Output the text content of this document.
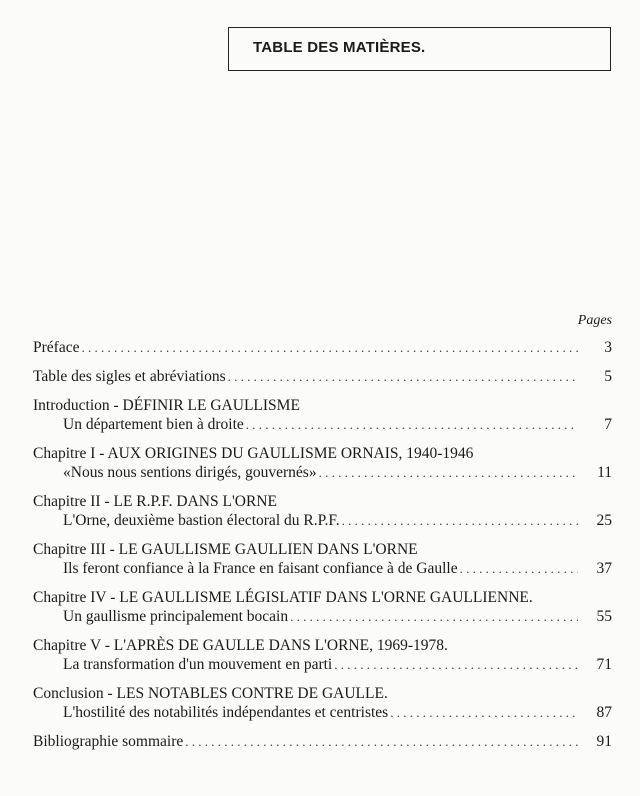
TABLE DES MATIÈRES.
Pages
Préface . . .	3
Table des sigles et abréviations . . .	5
Introduction - DÉFINIR LE GAULLISME
Un département bien à droite . . .	7
Chapitre I - AUX ORIGINES DU GAULLISME ORNAIS, 1940-1946
«Nous nous sentions dirigés, gouvernés» . . .	11
Chapitre II - LE R.P.F. DANS L'ORNE
L'Orne, deuxième bastion électoral du R.P.F. . . .	25
Chapitre III - LE GAULLISME GAULLIEN DANS L'ORNE
Ils feront confiance à la France en faisant confiance à de Gaulle . . .	37
Chapitre IV - LE GAULLISME LÉGISLATIF DANS L'ORNE GAULLIENNE.
Un gaullisme principalement bocain . . .	55
Chapitre V - L'APRÈS DE GAULLE DANS L'ORNE, 1969-1978.
La transformation d'un mouvement en parti . . .	71
Conclusion - LES NOTABLES CONTRE DE GAULLE.
L'hostilité des notabilités indépendantes et centristes . . .	87
Bibliographie sommaire . . .	91
